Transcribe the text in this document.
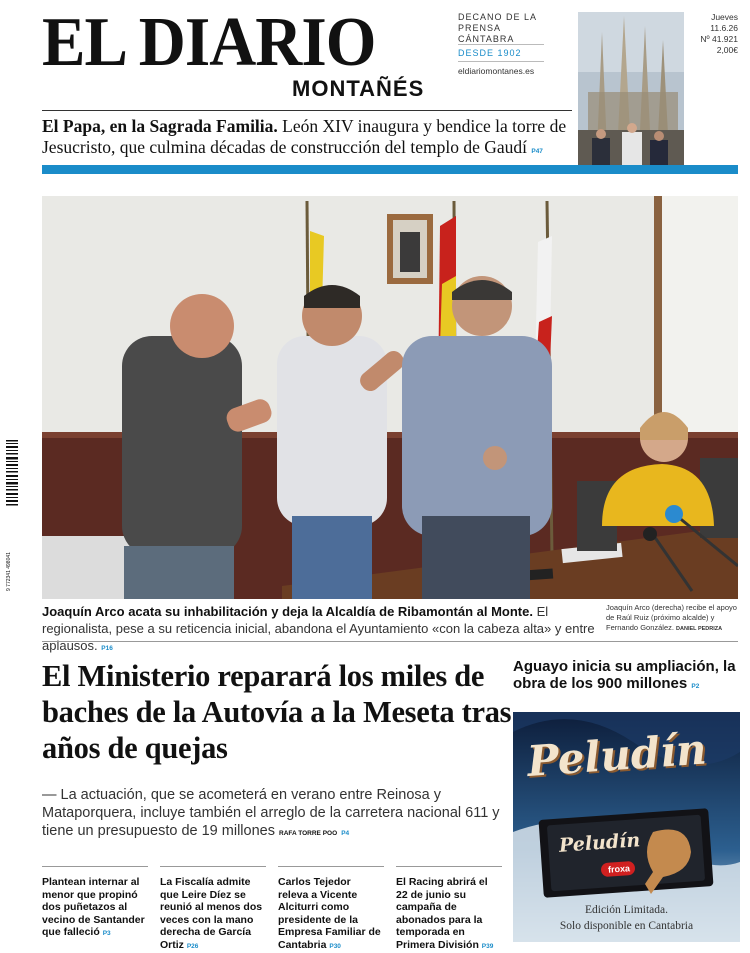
EL DIARIO
MONTAÑÉS
DECANO DE LA PRENSA CÁNTABRA
DESDE 1902
eldiariomontanes.es
Jueves 11.6.26
Nº 41.921
2,00€
El Papa, en la Sagrada Familia. León XIV inaugura y bendice la torre de Jesucristo, que culmina décadas de construcción del templo de Gaudí P47
9 772341 498041
Joaquín Arco acata su inhabilitación y deja la Alcaldía de Ribamontán al Monte. El regionalista, pese a su reticencia inicial, abandona el Ayuntamiento «con la cabeza alta» y entre aplausos. P16
Joaquín Arco (derecha) recibe el apoyo de Raúl Ruiz (próximo alcalde) y Fernando González. DANIEL PEDRIZA
El Ministerio reparará los miles de baches de la Autovía a la Meseta tras años de quejas
— La actuación, que se acometerá en verano entre Reinosa y Mataporquera, incluye también el arreglo de la carretera nacional 611 y tiene un presupuesto de 19 millones RAFA TORRE POO P4
Aguayo inicia su ampliación, la obra de los 900 millones P2
Peludín
Peludín
froxa
Edición Limitada.
Solo disponible en Cantabria
Plantean internar al menor que propinó dos puñetazos al vecino de Santander que falleció P3
La Fiscalía admite que Leire Díez se reunió al menos dos veces con la mano derecha de García Ortiz P26
Carlos Tejedor releva a Vicente Alciturri como presidente de la Empresa Familiar de Cantabria P30
El Racing abrirá el 22 de junio su campaña de abonados para la temporada en Primera División P39
